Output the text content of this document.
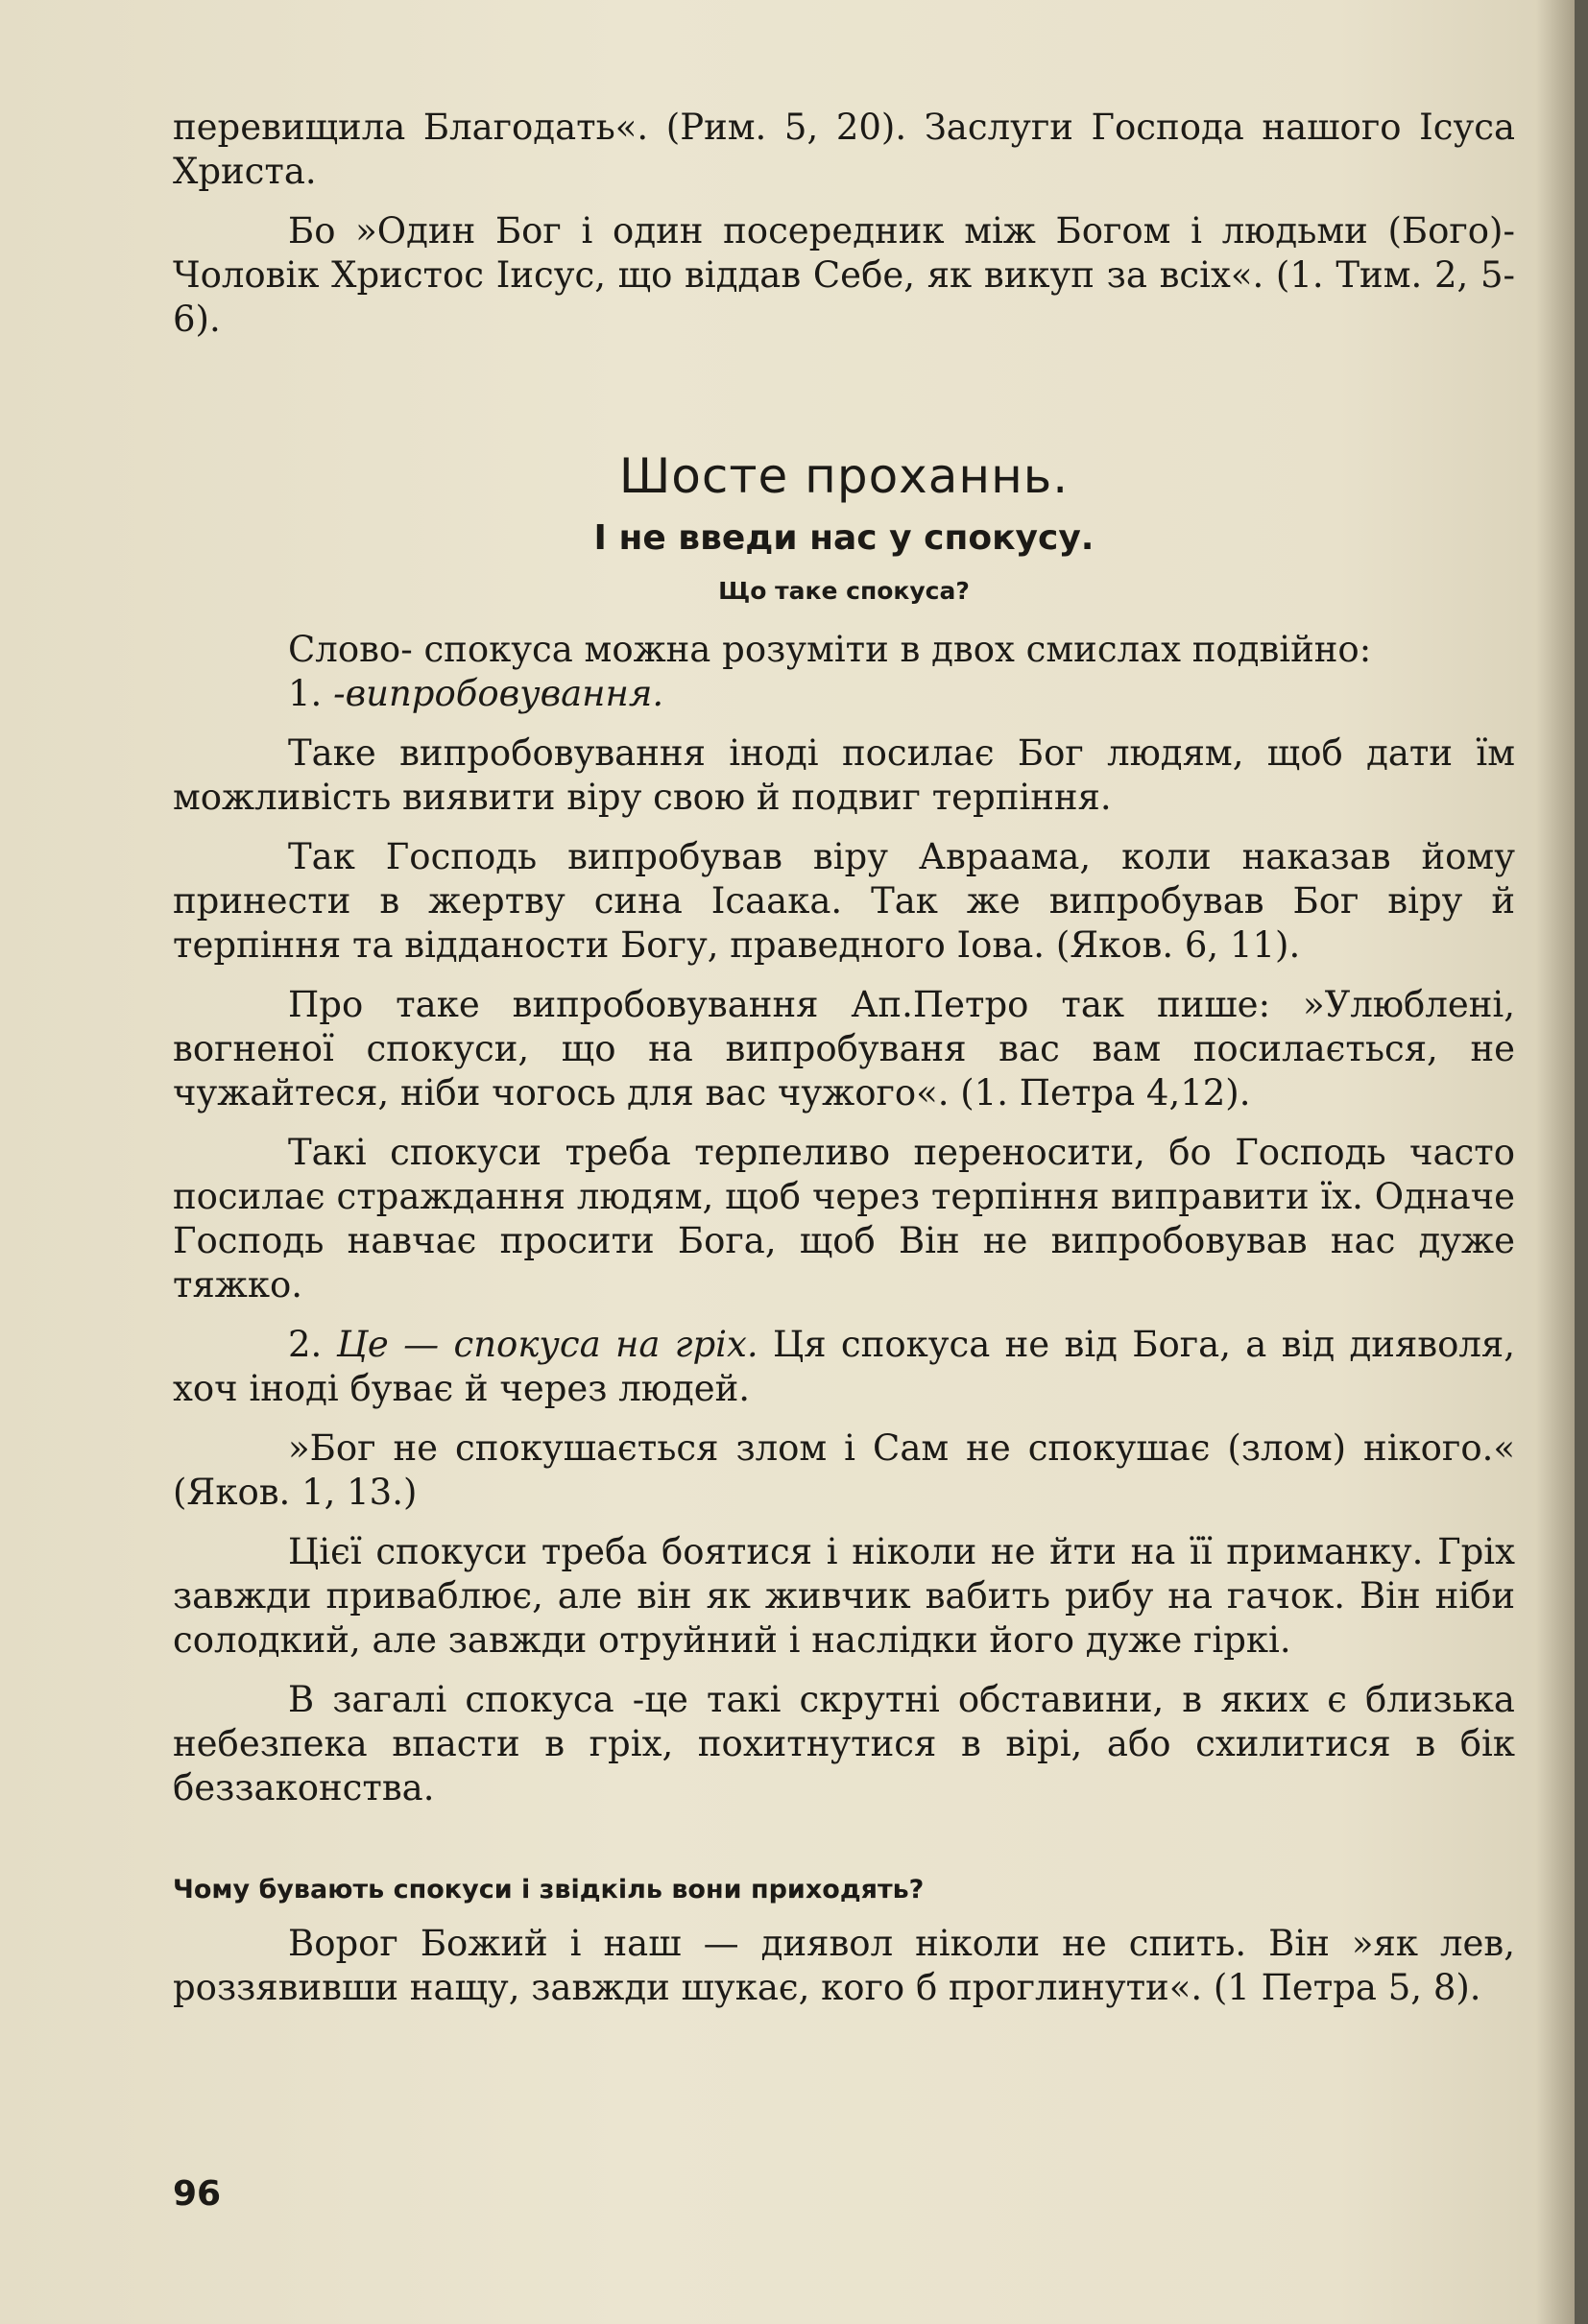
перевищила Благодать«. (Рим. 5, 20). Заслуги Господа нашого Ісуса Христа.

Бо »Один Бог і один посередник між Богом і людьми (Бого)-Чоловік Христос Іисус, що віддав Себе, як викуп за всіх«. (1. Тим. 2, 5-6).

Шосте проханнь.
І не введи нас у спокусу.
Що таке спокуса?

Слово- спокуса можна розуміти в двох смислах подвійно:

1. -випробовування.

Таке випробовування іноді посилає Бог людям, щоб дати їм можливість виявити віру свою й подвиг терпіння.

Так Господь випробував віру Авраама, коли наказав йому принести в жертву сина Ісаака. Так же випробував Бог віру й терпіння та відданости Богу, праведного Іова. (Яков. 6, 11).

Про таке випробовування Ап.Петро так пише: »Улюблені, вогненої спокуси, що на випробуваня вас вам посилається, не чужайтеся, ніби чогось для вас чужого«. (1. Петра 4,12).

Такі спокуси треба терпеливо переносити, бо Господь часто посилає страждання людям, щоб через терпіння виправити їх. Одначе Господь навчає просити Бога, щоб Він не випробовував нас дуже тяжко.

2. Це — спокуса на гріх. Ця спокуса не від Бога, а від дияволя, хоч іноді буває й через людей.

»Бог не спокушається злом і Сам не спокушає (злом) нікого.« (Яков. 1, 13.)

Цієї спокуси треба боятися і ніколи не йти на її приманку. Гріх завжди приваблює, але він як живчик вабить рибу на гачок. Він ніби солодкий, але завжди отруйний і наслідки його дуже гіркі.

В загалі спокуса -це такі скрутні обставини, в яких є близька небезпека впасти в гріх, похитнутися в вірі, або схилитися в бік беззаконства.

Чому бувають спокуси і звідкіль вони приходять?

Ворог Божий і наш — диявол ніколи не спить. Він »як лев, роззявивши нащу, завжди шукає, кого б проглинути«. (1 Петра 5, 8).

96
